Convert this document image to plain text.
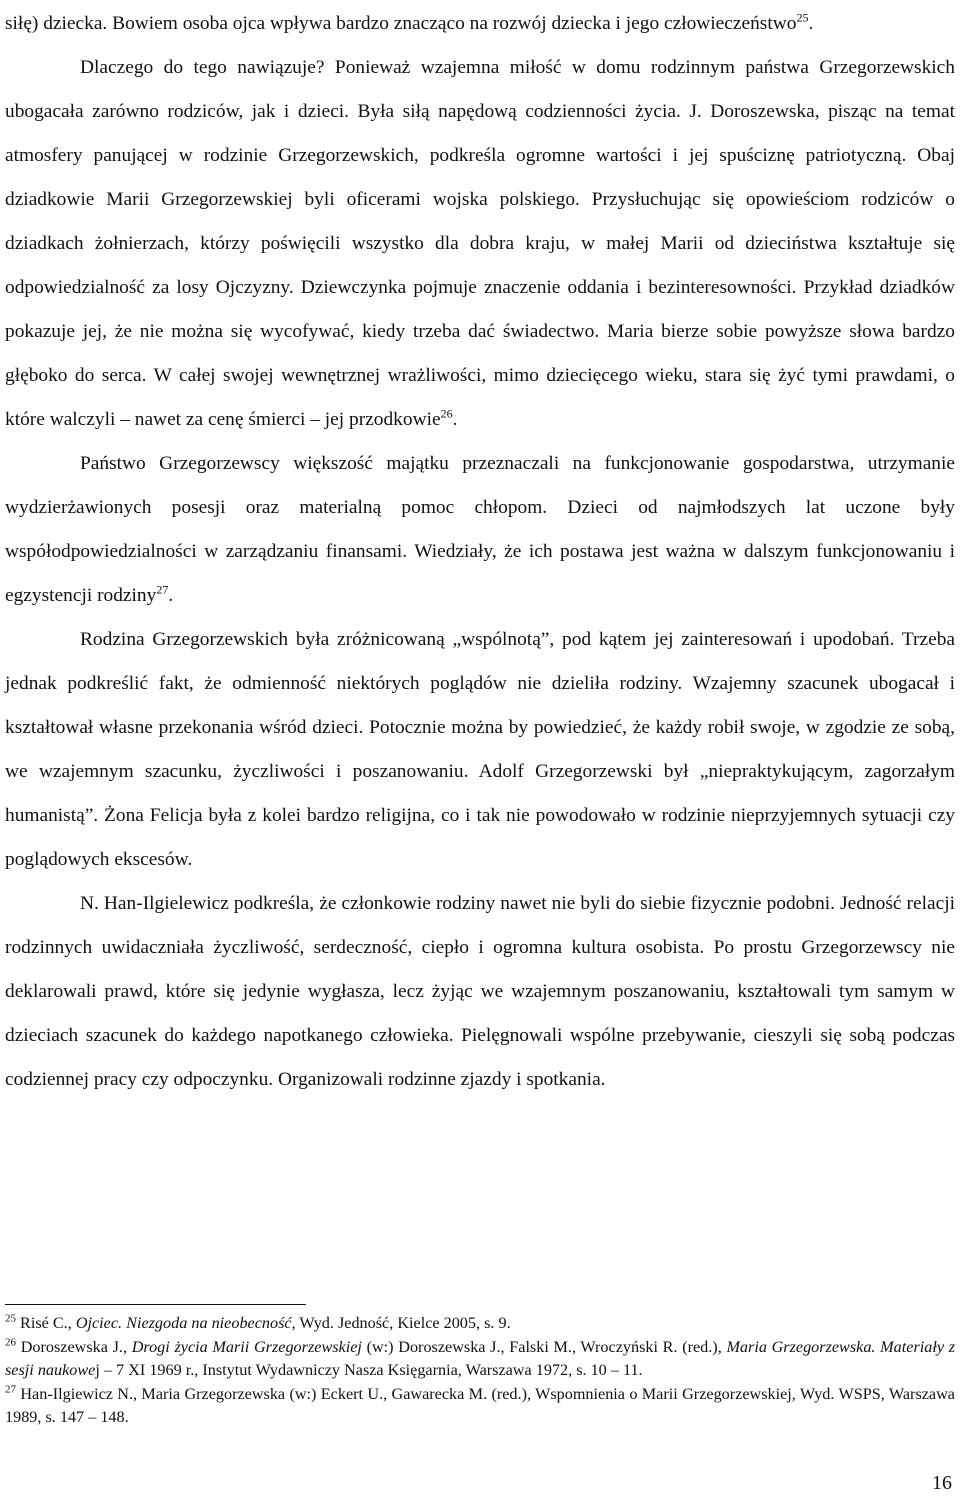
siłę) dziecka. Bowiem osoba ojca wpływa bardzo znacząco na rozwój dziecka i jego człowieczeństwo$^{25}$.

Dlaczego do tego nawiązuje? Ponieważ wzajemna miłość w domu rodzinnym państwa Grzegorzewskich ubogacała zarówno rodziców, jak i dzieci. Była siłą napędową codzienności życia. J. Doroszewska, pisząc na temat atmosfery panującej w rodzinie Grzegorzewskich, podkreśla ogromne wartości i jej spuściznę patriotyczną. Obaj dziadkowie Marii Grzegorzewskiej byli oficerami wojska polskiego. Przysłuchując się opowieściom rodziców o dziadkach żołnierzach, którzy poświęcili wszystko dla dobra kraju, w małej Marii od dzieciństwa kształtuje się odpowiedzialność za losy Ojczyzny. Dziewczynka pojmuje znaczenie oddania i bezinteresowności. Przykład dziadków pokazuje jej, że nie można się wycofywać, kiedy trzeba dać świadectwo. Maria bierze sobie powyższe słowa bardzo głęboko do serca. W całej swojej wewnętrznej wrażliwości, mimo dziecięcego wieku, stara się żyć tymi prawdami, o które walczyli – nawet za cenę śmierci – jej przodkowie$^{26}$.

Państwo Grzegorzewscy większość majątku przeznaczali na funkcjonowanie gospodarstwa, utrzymanie wydzierżawionych posesji oraz materialną pomoc chłopom. Dzieci od najmłodszych lat uczone były współodpowiedzialności w zarządzaniu finansami. Wiedziały, że ich postawa jest ważna w dalszym funkcjonowaniu i egzystencji rodziny$^{27}$.

Rodzina Grzegorzewskich była zróżnicowaną „wspólnotą”, pod kątem jej zainteresowań i upodobań. Trzeba jednak podkreślić fakt, że odmienność niektórych poglądów nie dzieliła rodziny. Wzajemny szacunek ubogacał i kształtował własne przekonania wśród dzieci. Potocznie można by powiedzieć, że każdy robił swoje, w zgodzie ze sobą, we wzajemnym szacunku, życzliwości i poszanowaniu. Adolf Grzegorzewski był „niepraktykującym, zagorzałym humanistą”. Żona Felicja była z kolei bardzo religijna, co i tak nie powodowało w rodzinie nieprzyjemnych sytuacji czy poglądowych ekscesów.

N. Han-Ilgielewicz podkreśla, że członkowie rodziny nawet nie byli do siebie fizycznie podobni. Jedność relacji rodzinnych uwidaczniała życzliwość, serdeczność, ciepło i ogromna kultura osobista. Po prostu Grzegorzewscy nie deklarowali prawd, które się jedynie wygłasza, lecz żyjąc we wzajemnym poszanowaniu, kształtowali tym samym w dzieciach szacunek do każdego napotkanego człowieka. Pielęgnowali wspólne przebywanie, cieszyli się sobą podczas codziennej pracy czy odpoczynku. Organizowali rodzinne zjazdy i spotkania.

$^{25}$ Risé C., Ojciec. Niezgoda na nieobecność, Wyd. Jedność, Kielce 2005, s. 9.

$^{26}$ Doroszewska J., Drogi życia Marii Grzegorzewskiej (w:) Doroszewska J., Falski M., Wroczyński R. (red.), Maria Grzegorzewska. Materiały z sesji naukowej – 7 XI 1969 r., Instytut Wydawniczy Nasza Księgarnia, Warszawa 1972, s. 10 – 11.

$^{27}$ Han-Ilgiewicz N., Maria Grzegorzewska (w:) Eckert U., Gawarecka M. (red.), Wspomnienia o Marii Grzegorzewskiej, Wyd. WSPS, Warszawa 1989, s. 147 – 148.

16
